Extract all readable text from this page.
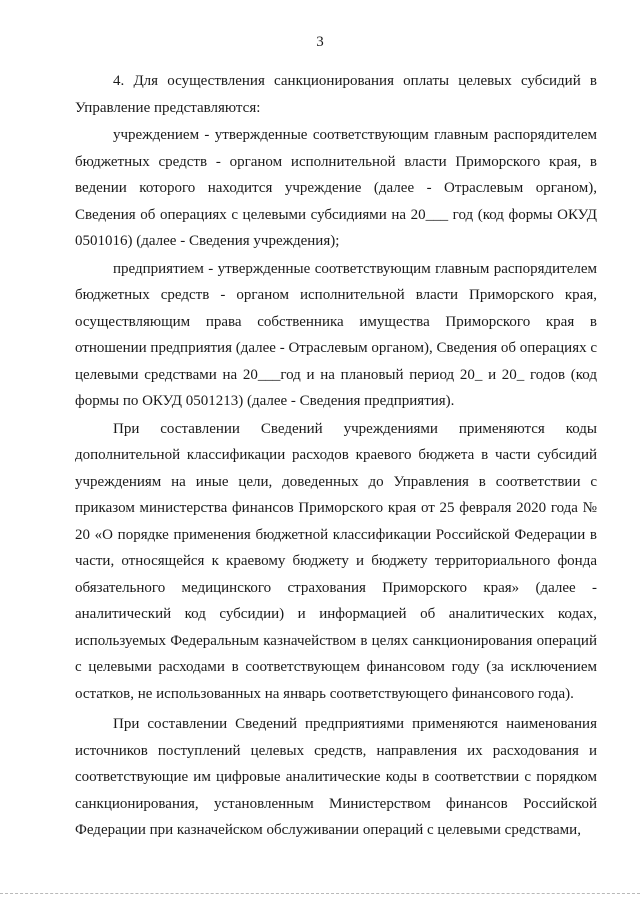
3

4. Для осуществления санкционирования оплаты целевых субсидий в Управление представляются:

учреждением - утвержденные соответствующим главным распорядителем бюджетных средств - органом исполнительной власти Приморского края, в ведении которого находится учреждение (далее - Отраслевым органом), Сведения об операциях с целевыми субсидиями на 20___ год (код формы ОКУД 0501016) (далее - Сведения учреждения);

предприятием - утвержденные соответствующим главным распорядителем бюджетных средств - органом исполнительной власти Приморского края, осуществляющим права собственника имущества Приморского края в отношении предприятия (далее - Отраслевым органом), Сведения об операциях с целевыми средствами на 20___год и на плановый период 20_ и 20_ годов (код формы по ОКУД 0501213) (далее - Сведения предприятия).

При составлении Сведений учреждениями применяются коды дополнительной классификации расходов краевого бюджета в части субсидий учреждениям на иные цели, доведенных до Управления в соответствии с приказом министерства финансов Приморского края от 25 февраля 2020 года № 20 «О порядке применения бюджетной классификации Российской Федерации в части, относящейся к краевому бюджету и бюджету территориального фонда обязательного медицинского страхования Приморского края» (далее - аналитический код субсидии) и информацией об аналитических кодах, используемых Федеральным казначейством в целях санкционирования операций с целевыми расходами в соответствующем финансовом году (за исключением остатков, не использованных на январь соответствующего финансового года).

При составлении Сведений предприятиями применяются наименования источников поступлений целевых средств, направления их расходования и соответствующие им цифровые аналитические коды в соответствии с порядком санкционирования, установленным Министерством финансов Российской Федерации при казначейском обслуживании операций с целевыми средствами,
